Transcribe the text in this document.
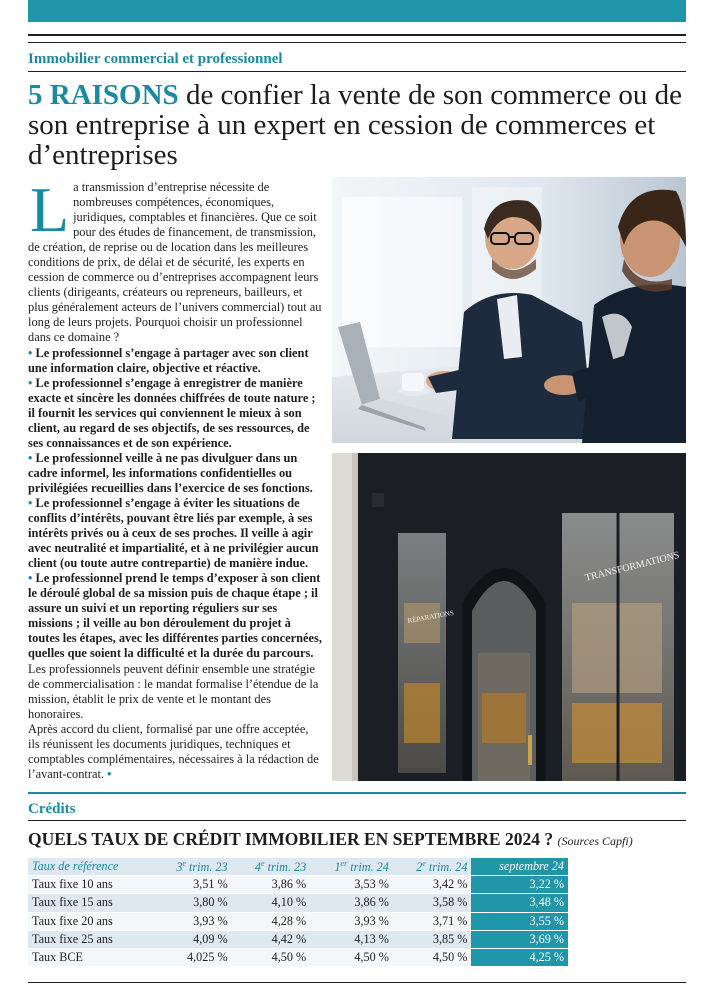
Immobilier commercial et professionnel
5 RAISONS de confier la vente de son commerce ou de son entreprise à un expert en cession de commerces et d’entreprises

La transmission d’entreprise nécessite de nombreuses compétences, économiques, juridiques, comptables et financières. Que ce soit pour des études de financement, de transmission, de création, de reprise ou de location dans les meilleures conditions de prix, de délai et de sécurité, les experts en cession de commerce ou d’entreprises accompagnent leurs clients (dirigeants, créateurs ou repreneurs, bailleurs, et plus généralement acteurs de l’univers commercial) tout au long de leurs projets. Pourquoi choisir un professionnel dans ce domaine ?

• Le professionnel s’engage à partager avec son client une information claire, objective et réactive.

• Le professionnel s’engage à enregistrer de manière exacte et sincère les données chiffrées de toute nature ; il fournit les services qui conviennent le mieux à son client, au regard de ses objectifs, de ses ressources, de ses connaissances et de son expérience.

• Le professionnel veille à ne pas divulguer dans un cadre informel, les informations confidentielles ou privilégiées recueillies dans l’exercice de ses fonctions.

• Le professionnel s’engage à éviter les situations de conflits d’intérêts, pouvant être liés par exemple, à ses intérêts privés ou à ceux de ses proches. Il veille à agir avec neutralité et impartialité, et à ne privilégier aucun client (ou toute autre contrepartie) de manière indue.

• Le professionnel prend le temps d’exposer à son client le déroulé global de sa mission puis de chaque étape ; il assure un suivi et un reporting réguliers sur ses missions ; il veille au bon déroulement du projet à toutes les étapes, avec les différentes parties concernées, quelles que soient la difficulté et la durée du parcours.

Les professionnels peuvent définir ensemble une stratégie de commercialisation : le mandat formalise l’étendue de la mission, établit le prix de vente et le montant des honoraires.

Après accord du client, formalisé par une offre acceptée, ils réunissent les documents juridiques, techniques et comptables complémentaires, nécessaires à la rédaction de l’avant-contrat. •

TRANSFORMATIONS
RÉPARATIONS
Crédits
QUELS TAUX DE CRÉDIT IMMOBILIER EN SEPTEMBRE 2024 ? (Sources Capfi)
Taux de référence	3e trim. 23	4e trim. 23	1er trim. 24	2e trim. 24	septembre 24
Taux fixe 10 ans	3,51 %	3,86 %	3,53 %	3,42 %	3,22 %
Taux fixe 15 ans	3,80 %	4,10 %	3,86 %	3,58 %	3,48 %
Taux fixe 20 ans	3,93 %	4,28 %	3,93 %	3,71 %	3,55 %
Taux fixe 25 ans	4,09 %	4,42 %	4,13 %	3,85 %	3,69 %
Taux BCE	4,025 %	4,50 %	4,50 %	4,50 %	4,25 %
